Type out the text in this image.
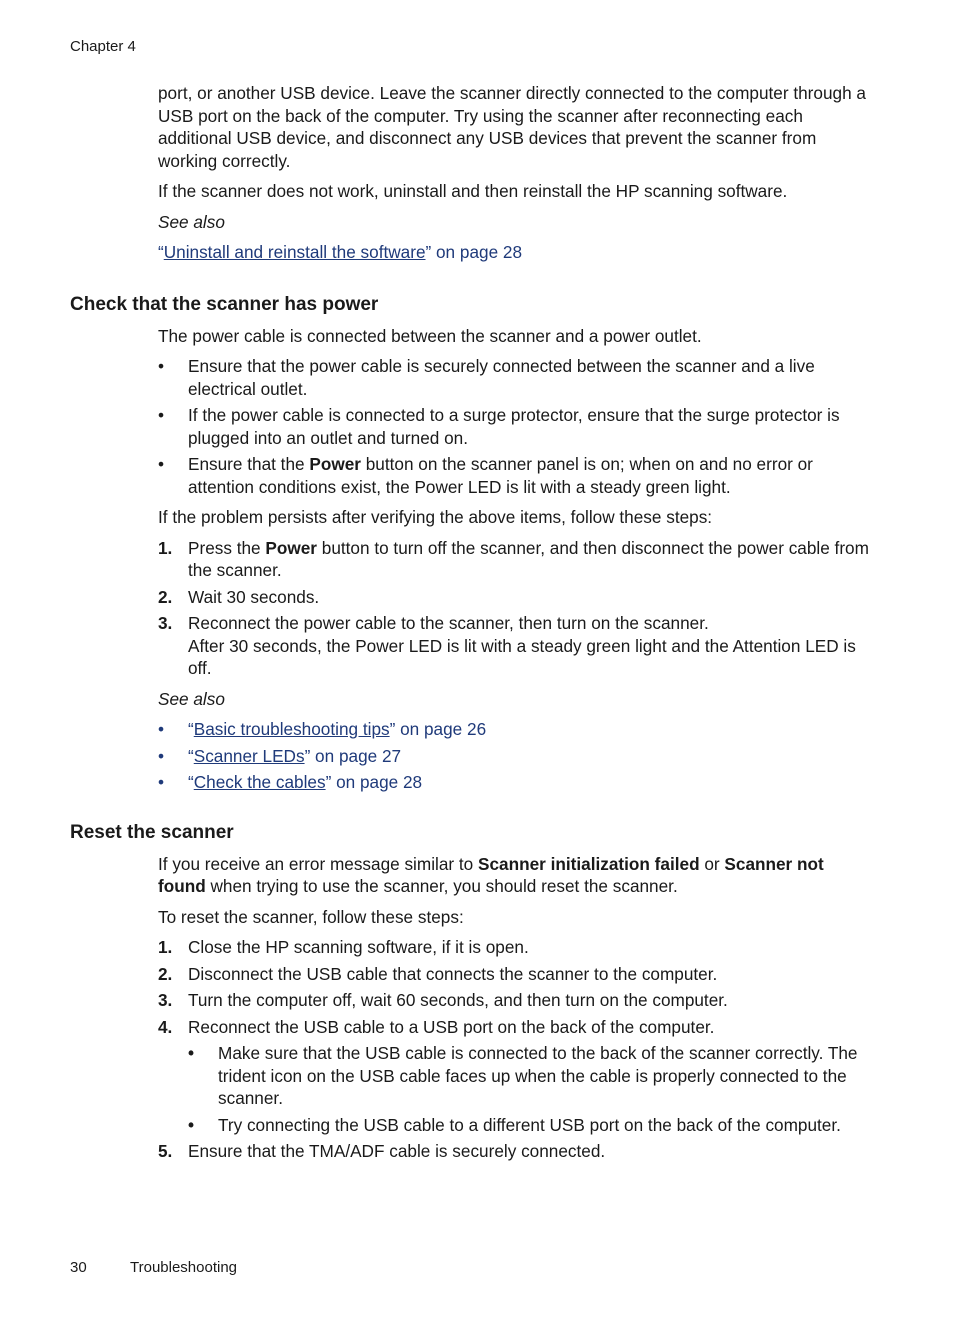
Chapter 4

port, or another USB device. Leave the scanner directly connected to the computer through a USB port on the back of the computer. Try using the scanner after reconnecting each additional USB device, and disconnect any USB devices that prevent the scanner from working correctly.

If the scanner does not work, uninstall and then reinstall the HP scanning software.

See also

“Uninstall and reinstall the software” on page 28

Check that the scanner has power

The power cable is connected between the scanner and a power outlet.

• Ensure that the power cable is securely connected between the scanner and a live electrical outlet.
• If the power cable is connected to a surge protector, ensure that the surge protector is plugged into an outlet and turned on.
• Ensure that the Power button on the scanner panel is on; when on and no error or attention conditions exist, the Power LED is lit with a steady green light.

If the problem persists after verifying the above items, follow these steps:

1. Press the Power button to turn off the scanner, and then disconnect the power cable from the scanner.
2. Wait 30 seconds.
3. Reconnect the power cable to the scanner, then turn on the scanner.
After 30 seconds, the Power LED is lit with a steady green light and the Attention LED is off.

See also

• “Basic troubleshooting tips” on page 26
• “Scanner LEDs” on page 27
• “Check the cables” on page 28
Reset the scanner

If you receive an error message similar to Scanner initialization failed or Scanner not found when trying to use the scanner, you should reset the scanner.

To reset the scanner, follow these steps:

1. Close the HP scanning software, if it is open.
2. Disconnect the USB cable that connects the scanner to the computer.
3. Turn the computer off, wait 60 seconds, and then turn on the computer.
4. Reconnect the USB cable to a USB port on the back of the computer.
• Make sure that the USB cable is connected to the back of the scanner correctly. The trident icon on the USB cable faces up when the cable is properly connected to the scanner.
• Try connecting the USB cable to a different USB port on the back of the computer.
5. Ensure that the TMA/ADF cable is securely connected.
30	Troubleshooting
